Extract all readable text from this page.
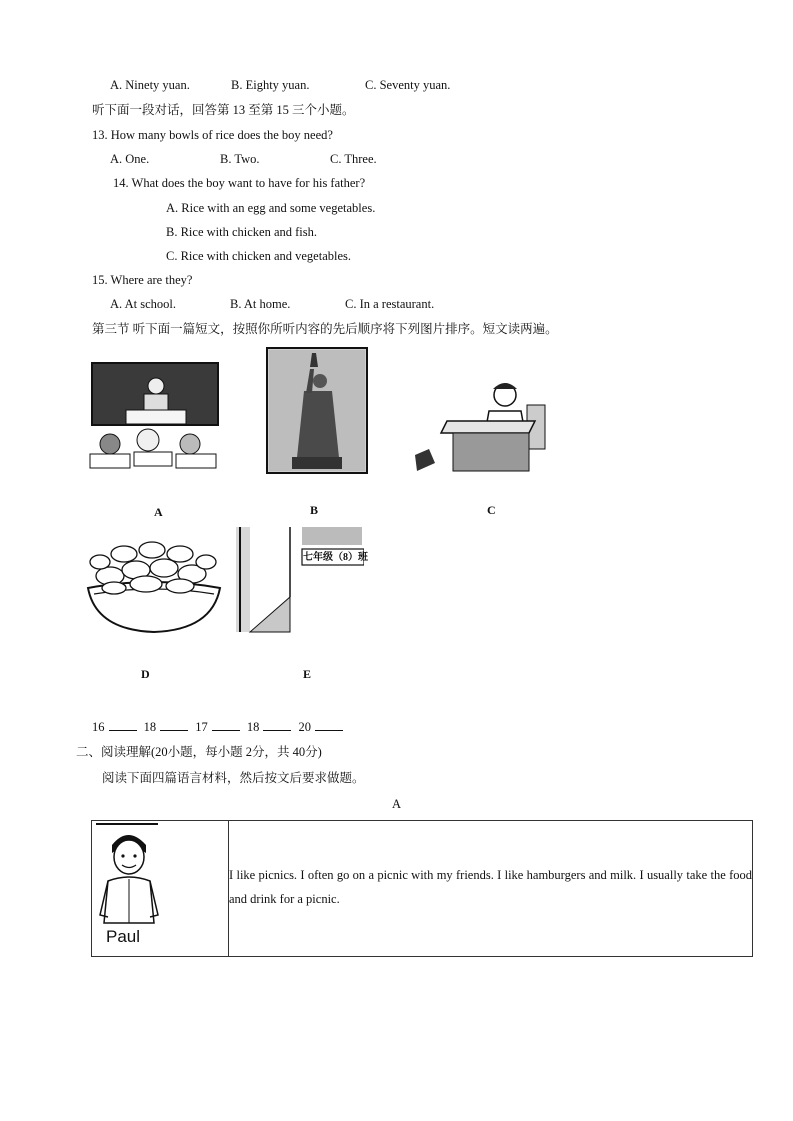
A. Ninety yuan.	B. Eighty yuan.	C. Seventy yuan.
听下面一段对话，回答第 13 至第 15 三个小题。
13. How many bowls of rice does the boy need?
A. One.	B. Two.	C. Three.
14. What does the boy want to have for his father?
A. Rice with an egg and some vegetables.
B. Rice with chicken and fish.
C. Rice with chicken and vegetables.
15. Where are they?
A. At school.	B. At home.	C. In a restaurant.
第三节 听下面一篇短文，按照你所听内容的先后顺序将下列图片排序。短文读两遍。
A	B	C
七年级（8）班
D	E
16	18	17	18	20
二、阅读理解(20小题，每小题 2分，共 40分)
阅读下面四篇语言材料，然后按文后要求做题。
A
Paul

I like picnics. I often go on a picnic with my friends. I like hamburgers and milk. I usually take the food and drink for a picnic.
